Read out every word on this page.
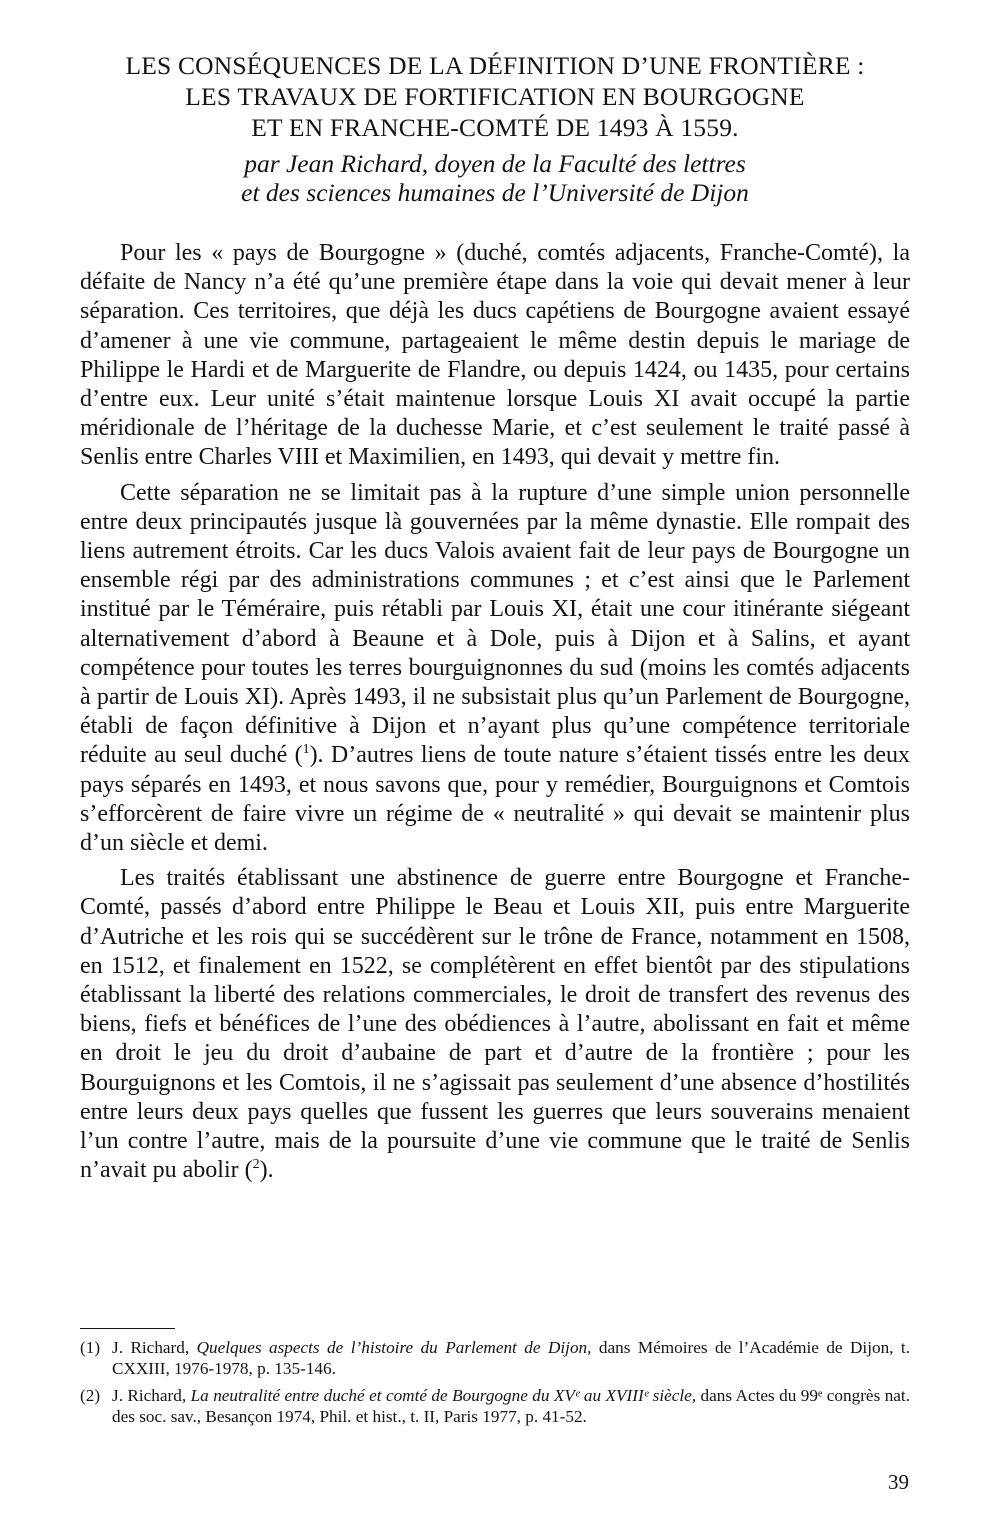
LES CONSÉQUENCES DE LA DÉFINITION D’UNE FRONTIÈRE :
LES TRAVAUX DE FORTIFICATION EN BOURGOGNE
ET EN FRANCHE-COMTÉ DE 1493 À 1559.

par Jean Richard, doyen de la Faculté des lettres
et des sciences humaines de l’Université de Dijon

Pour les « pays de Bourgogne » (duché, comtés adjacents, Franche-Comté), la défaite de Nancy n’a été qu’une première étape dans la voie qui devait mener à leur séparation. Ces territoires, que déjà les ducs capétiens de Bourgogne avaient essayé d’amener à une vie commune, partageaient le même destin depuis le mariage de Philippe le Hardi et de Marguerite de Flandre, ou depuis 1424, ou 1435, pour certains d’entre eux. Leur unité s’était maintenue lorsque Louis XI avait occupé la partie méridionale de l’héritage de la duchesse Marie, et c’est seulement le traité passé à Senlis entre Charles VIII et Maximilien, en 1493, qui devait y mettre fin.

Cette séparation ne se limitait pas à la rupture d’une simple union personnelle entre deux principautés jusque là gouvernées par la même dynastie. Elle rompait des liens autrement étroits. Car les ducs Valois avaient fait de leur pays de Bourgogne un ensemble régi par des administrations communes ; et c’est ainsi que le Parlement institué par le Téméraire, puis rétabli par Louis XI, était une cour itinérante siégeant alternativement d’abord à Beaune et à Dole, puis à Dijon et à Salins, et ayant compétence pour toutes les terres bourguignonnes du sud (moins les comtés adjacents à partir de Louis XI). Après 1493, il ne subsistait plus qu’un Parlement de Bourgogne, établi de façon définitive à Dijon et n’ayant plus qu’une compétence territoriale réduite au seul duché ($^1$). D’autres liens de toute nature s’étaient tissés entre les deux pays séparés en 1493, et nous savons que, pour y remédier, Bourguignons et Comtois s’efforcèrent de faire vivre un régime de « neutralité » qui devait se maintenir plus d’un siècle et demi.

Les traités établissant une abstinence de guerre entre Bourgogne et Franche-Comté, passés d’abord entre Philippe le Beau et Louis XII, puis entre Marguerite d’Autriche et les rois qui se succédèrent sur le trône de France, notamment en 1508, en 1512, et finalement en 1522, se complétèrent en effet bientôt par des stipulations établissant la liberté des relations commerciales, le droit de transfert des revenus des biens, fiefs et bénéfices de l’une des obédiences à l’autre, abolissant en fait et même en droit le jeu du droit d’aubaine de part et d’autre de la frontière ; pour les Bourguignons et les Comtois, il ne s’agissait pas seulement d’une absence d’hostilités entre leurs deux pays quelles que fussent les guerres que leurs souverains menaient l’un contre l’autre, mais de la poursuite d’une vie commune que le traité de Senlis n’avait pu abolir ($^2$).

(1) J. Richard, Quelques aspects de l’histoire du Parlement de Dijon, dans Mémoires de l’Académie de Dijon, t. CXXIII, 1976-1978, p. 135-146.

(2) J. Richard, La neutralité entre duché et comté de Bourgogne du XVᵉ au XVIIIᵉ siècle, dans Actes du 99ᵉ congrès nat. des soc. sav., Besançon 1974, Phil. et hist., t. II, Paris 1977, p. 41-52.

39
